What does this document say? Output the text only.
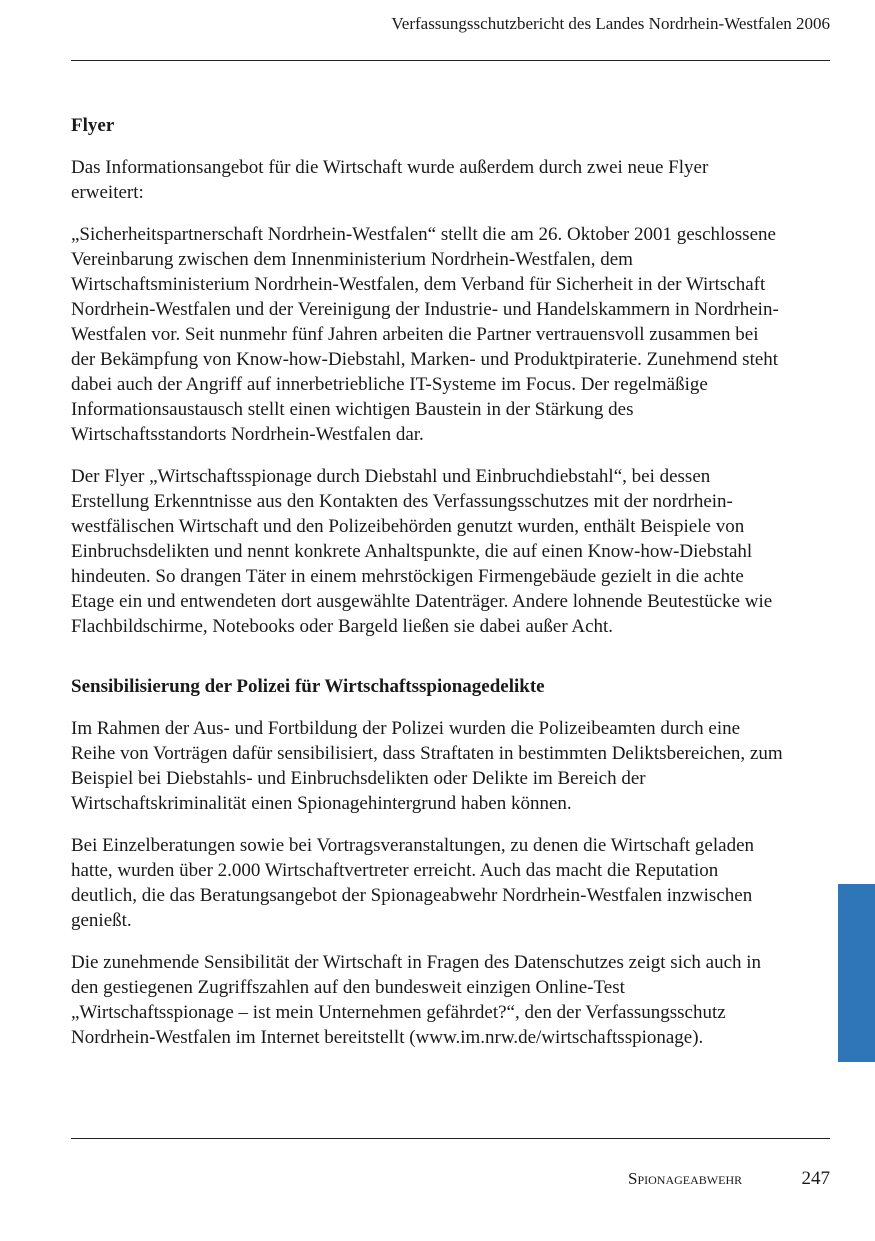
Verfassungsschutzbericht des Landes Nordrhein-Westfalen 2006
Flyer

Das Informationsangebot für die Wirtschaft wurde außerdem durch zwei neue Flyer erweitert:

„Sicherheitspartnerschaft Nordrhein-Westfalen“ stellt die am 26. Oktober 2001 geschlossene Vereinbarung zwischen dem Innenministerium Nordrhein-Westfalen, dem Wirtschaftsministerium Nordrhein-Westfalen, dem Verband für Sicherheit in der Wirtschaft Nordrhein-Westfalen und der Vereinigung der Industrie- und Handelskammern in Nordrhein-Westfalen vor. Seit nunmehr fünf Jahren arbeiten die Partner vertrauensvoll zusammen bei der Bekämpfung von Know-how-Diebstahl, Marken- und Produktpiraterie. Zunehmend steht dabei auch der Angriff auf innerbetriebliche IT-Systeme im Focus. Der regelmäßige Informationsaustausch stellt einen wichtigen Baustein in der Stärkung des Wirtschaftsstandorts Nordrhein-Westfalen dar.

Der Flyer „Wirtschaftsspionage durch Diebstahl und Einbruchdiebstahl“, bei dessen Erstellung Erkenntnisse aus den Kontakten des Verfassungsschutzes mit der nordrhein-westfälischen Wirtschaft und den Polizeibehörden genutzt wurden, enthält Beispiele von Einbruchsdelikten und nennt konkrete Anhaltspunkte, die auf einen Know-how-Diebstahl hindeuten. So drangen Täter in einem mehrstöckigen Firmengebäude gezielt in die achte Etage ein und entwendeten dort ausgewählte Datenträger. Andere lohnende Beutestücke wie Flachbildschirme, Notebooks oder Bargeld ließen sie dabei außer Acht.

Sensibilisierung der Polizei für Wirtschaftsspionagedelikte

Im Rahmen der Aus- und Fortbildung der Polizei wurden die Polizeibeamten durch eine Reihe von Vorträgen dafür sensibilisiert, dass Straftaten in bestimmten Deliktsbereichen, zum Beispiel bei Diebstahls- und Einbruchsdelikten oder Delikte im Bereich der Wirtschaftskriminalität einen Spionagehintergrund haben können.

Bei Einzelberatungen sowie bei Vortragsveranstaltungen, zu denen die Wirtschaft geladen hatte, wurden über 2.000 Wirtschaftvertreter erreicht. Auch das macht die Reputation deutlich, die das Beratungsangebot der Spionageabwehr Nordrhein-Westfalen inzwischen genießt.

Die zunehmende Sensibilität der Wirtschaft in Fragen des Datenschutzes zeigt sich auch in den gestiegenen Zugriffszahlen auf den bundesweit einzigen Online-Test „Wirtschaftsspionage – ist mein Unternehmen gefährdet?“, den der Verfassungsschutz Nordrhein-Westfalen im Internet bereitstellt (www.im.nrw.de/wirtschaftsspionage).

Spionageabwehr	247
